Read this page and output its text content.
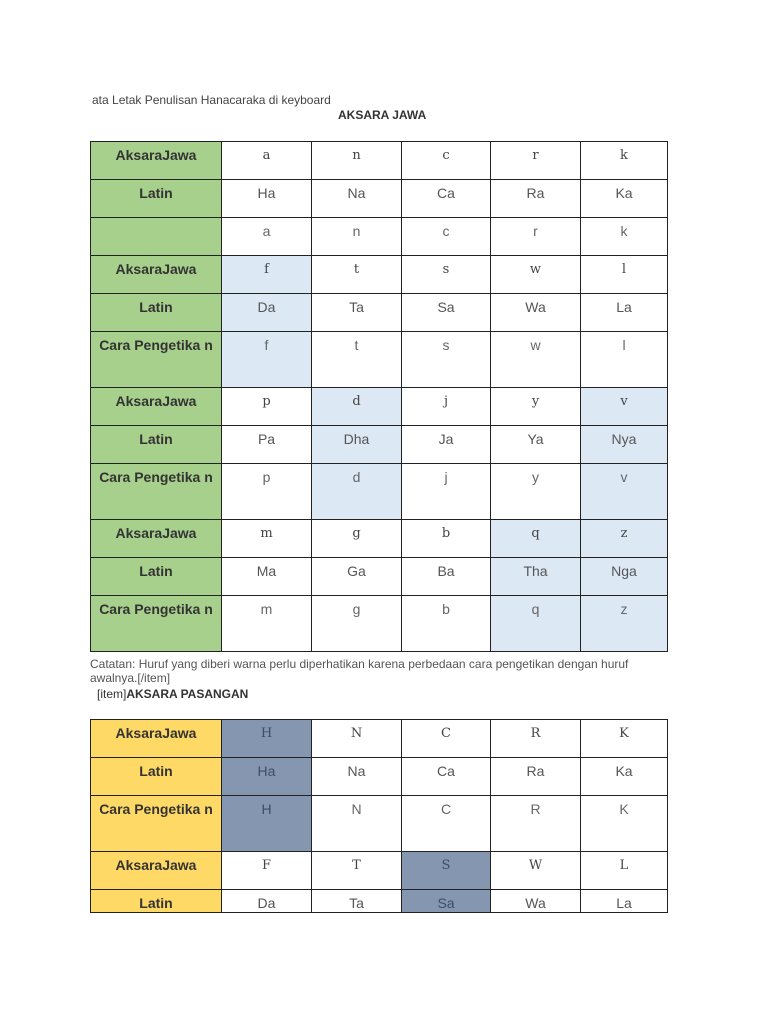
ata Letak Penulisan Hanacaraka di keyboard
AKSARA JAWA
AksaraJawa	a	n	c	r	k

Latin	Ha	Na	Ca	Ra	Ka

	a	n	c	r	k

AksaraJawa	f	t	s	w	l

Latin	Da	Ta	Sa	Wa	La

Cara Pengetika n	f	t	s	w	l

AksaraJawa	p	d	j	y	v

Latin	Pa	Dha	Ja	Ya	Nya

Cara Pengetika n	p	d	j	y	v

AksaraJawa	m	g	b	q	z

Latin	Ma	Ga	Ba	Tha	Nga

Cara Pengetika n	m	g	b	q	z
Catatan: Huruf yang diberi warna perlu diperhatikan karena perbedaan cara pengetikan dengan huruf awalnya.[/item]
[item]AKSARA PASANGAN
AksaraJawa	H	N	C	R	K

Latin	Ha	Na	Ca	Ra	Ka

Cara Pengetika n	H	N	C	R	K

AksaraJawa	F	T	S	W	L

Latin	Da	Ta	Sa	Wa	La
